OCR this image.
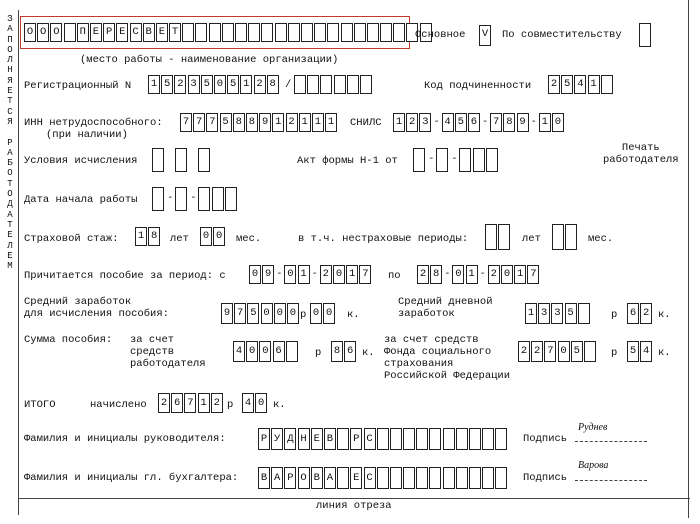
З
А
П
О
Л
Н
Я
Е
Т
С
Я

Р
А
Б
О
Т
О
Д
А
Т
Е
Л
Е
М
О О О П Е Р Е С В Е Т
(место работы - наименование организации)
Основное V По совместительству
Регистрационный N 1 5 2 3 5 0 5 1 2 8 /	Код подчиненности 2 5 4 1
ИНН нетрудоспособного:
(при наличии)
7 7 7 5 8 8 9 1 2 1 1 1 СНИЛС 1 2 3 - 4 5 6 - 7 8 9 - 1 0
Условия исчисления	Акт формы Н-1 от	- -
Печать
работодателя
Дата начала работы	- -
Страховой стаж: 1 8 лет 0 0 мес.	в т.ч. нестраховые периоды:	лет	мес.
Причитается пособие за период: с 0 9 - 0 1 - 2 0 1 7 по 2 8 - 0 1 - 2 0 1 7
Средний заработок
для исчисления пособия:	9 7 5 0 0 0 р 0 0 к.
Средний дневной
заработок	1 3 3 5	р 6 2 к.
Сумма пособия: за счет
средств
работодателя
4 0 0 6	р 8 6 к.
за счет средств
Фонда социального
страхования
Российской Федерации
2 2 7 0 5	р 5 4 к.
ИТОГО	начислено 2 6 7 1 2 р 4 0 к.
Фамилия и инициалы руководителя:	Р У Д Н Е В Р С	Подпись
Руднев
Фамилия и инициалы гл. бухгалтера: В А Р О В А Е С	Подпись
Варова
линия отреза
